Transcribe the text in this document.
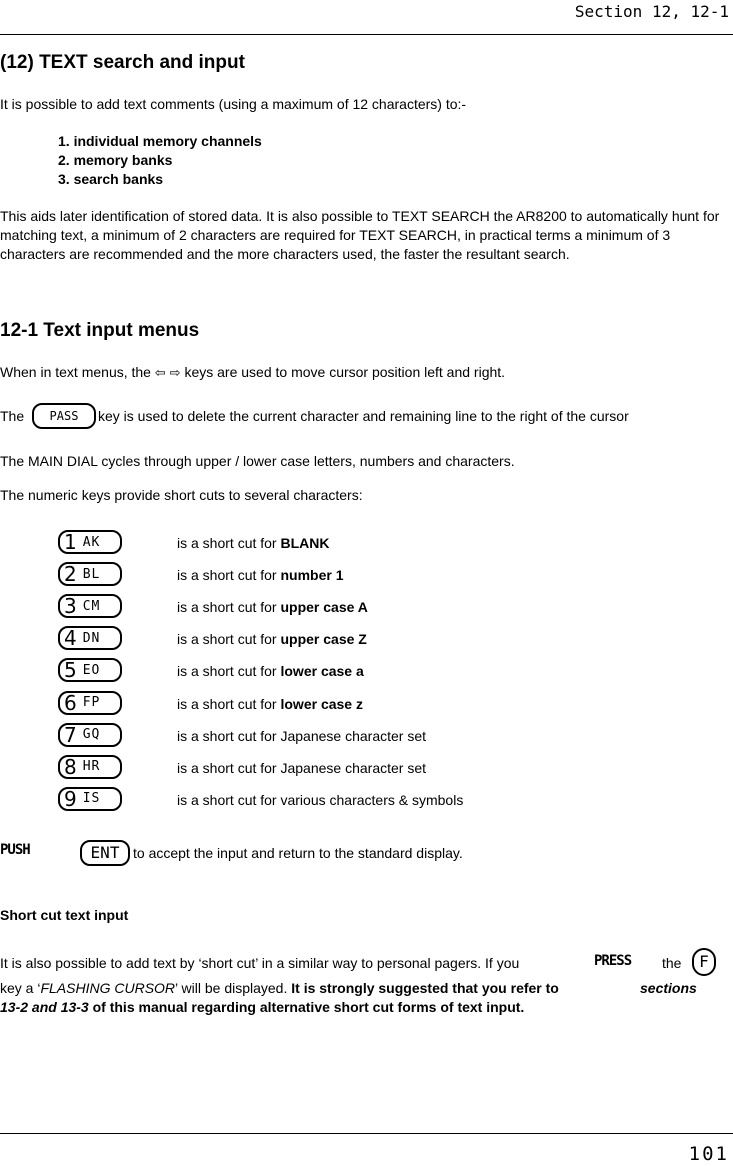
Section 12, 12-1
(12) TEXT search and input
It is possible to add text comments (using a maximum of 12 characters) to:-
1. individual memory channels
2. memory banks
3. search banks
This aids later identification of stored data. It is also possible to TEXT SEARCH the AR8200 to automatically hunt for matching text, a minimum of 2 characters are required for TEXT SEARCH, in practical terms a minimum of 3 characters are recommended and the more characters used, the faster the resultant search.
12-1 Text input menus
When in text menus, the ⇦ ⇨ keys are used to move cursor position left and right.
The	PASS	key is used to delete the current character and remaining line to the right of the cursor
The MAIN DIAL cycles through upper / lower case letters, numbers and characters.
The numeric keys provide short cuts to several characters:
1 AK	is a short cut for BLANK
2 BL	is a short cut for number 1
3 CM	is a short cut for upper case A
4 DN	is a short cut for upper case Z
5 EO	is a short cut for lower case a
6 FP	is a short cut for lower case z
7 GQ	is a short cut for Japanese character set
8 HR	is a short cut for Japanese character set
9 IS	is a short cut for various characters & symbols
PUSH	ENT to accept the input and return to the standard display.
Short cut text input
It is also possible to add text by ‘short cut’ in a similar way to personal pagers. If you	PRESS the	F
key a ‘FLASHING CURSOR’ will be displayed. It is strongly suggested that you refer to	sections
13-2 and 13-3 of this manual regarding alternative short cut forms of text input.
101
